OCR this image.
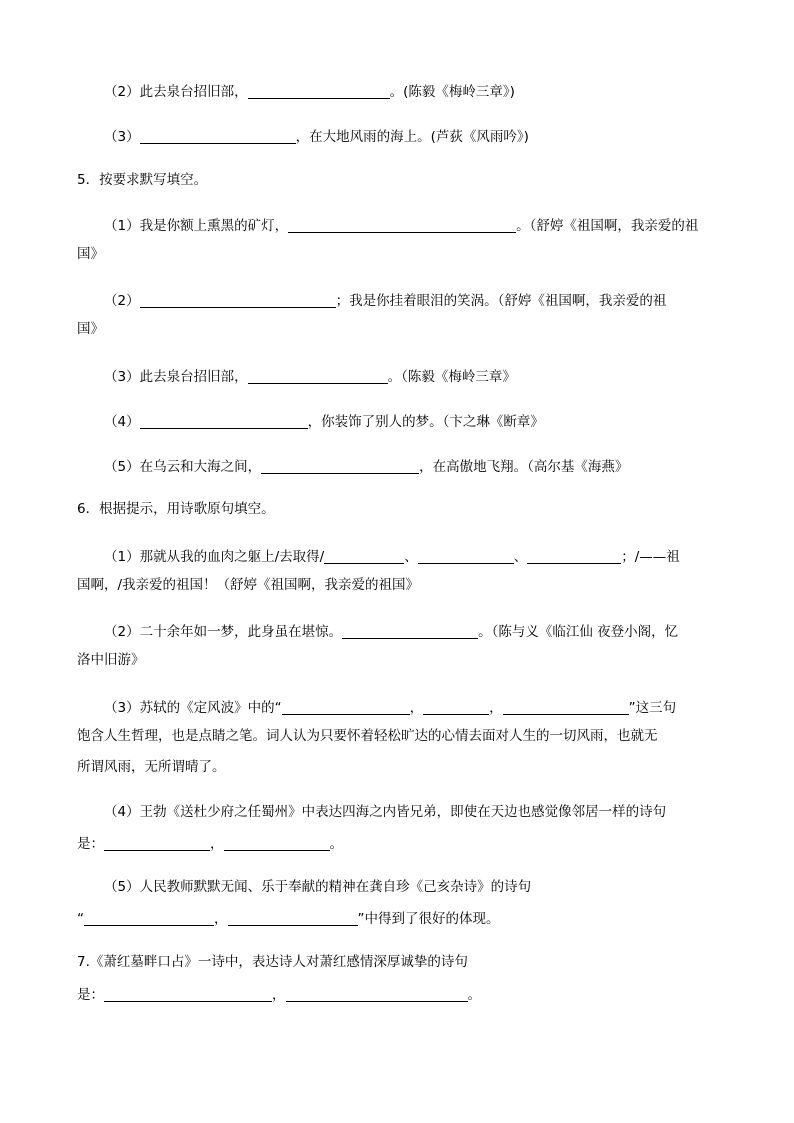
（2）此去泉台招旧部，	。(陈毅《梅岭三章》)
（3）	，在大地风雨的海上。(芦荻《风雨吟》)
5．按要求默写填空。
（1）我是你额上熏黑的矿灯，	。（舒婷《祖国啊，我亲爱的祖
国》
（2）	；我是你挂着眼泪的笑涡。（舒婷《祖国啊，我亲爱的祖
国》
（3）此去泉台招旧部，	。（陈毅《梅岭三章》
（4）	，你装饰了别人的梦。（卞之琳《断章》
（5）在乌云和大海之间，	，在高傲地飞翔。（高尔基《海燕》
6．根据提示，用诗歌原句填空。
（1）那就从我的血肉之躯上/去取得/	、	、	；/——祖
国啊，/我亲爱的祖国！（舒婷《祖国啊，我亲爱的祖国》
（2）二十余年如一梦，此身虽在堪惊。	。（陈与义《临江仙 夜登小阁，忆
洛中旧游》
（3）苏轼的《定风波》中的“	，	，	”这三句
饱含人生哲理，也是点睛之笔。词人认为只要怀着轻松旷达的心情去面对人生的一切风雨，也就无
所谓风雨，无所谓晴了。
（4）王勃《送杜少府之任蜀州》中表达四海之内皆兄弟，即使在天边也感觉像邻居一样的诗句
是：	，	。
（5）人民教师默默无闻、乐于奉献的精神在龚自珍《己亥杂诗》的诗句
“	，	”中得到了很好的体现。
7.《萧红墓畔口占》一诗中，表达诗人对萧红感情深厚诚挚的诗句
是：	，	。
